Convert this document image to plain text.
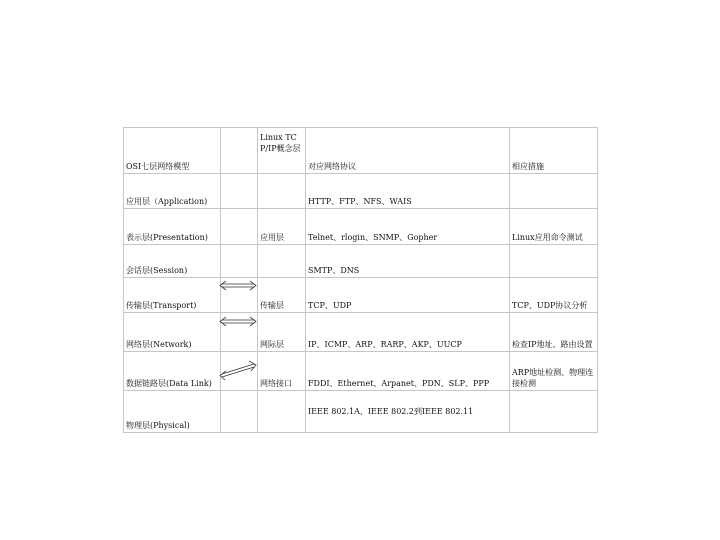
OSI七层网络模型		Linux TCP/IP概念层	对应网络协议	相应措施
应用层（Application)			HTTP、FTP、NFS、WAIS	
表示层(Presentation)		应用层	Telnet、rlogin、SNMP、Gopher	Linux应用命令测试
会话层(Session)			SMTP、DNS	
传输层(Transport)		传输层	TCP、UDP	TCP、UDP协议分析
网络层(Network)		网际层	IP、ICMP、ARP、RARP、AKP、UUCP	检查IP地址、路由设置
数据链路层(Data Link)		网络接口	FDDI、Ethernet、Arpanet、PDN、SLP、PPP	ARP地址检测、物理连接检测
物理层(Physical)			IEEE 802.1A、IEEE 802.2到IEEE 802.11	
